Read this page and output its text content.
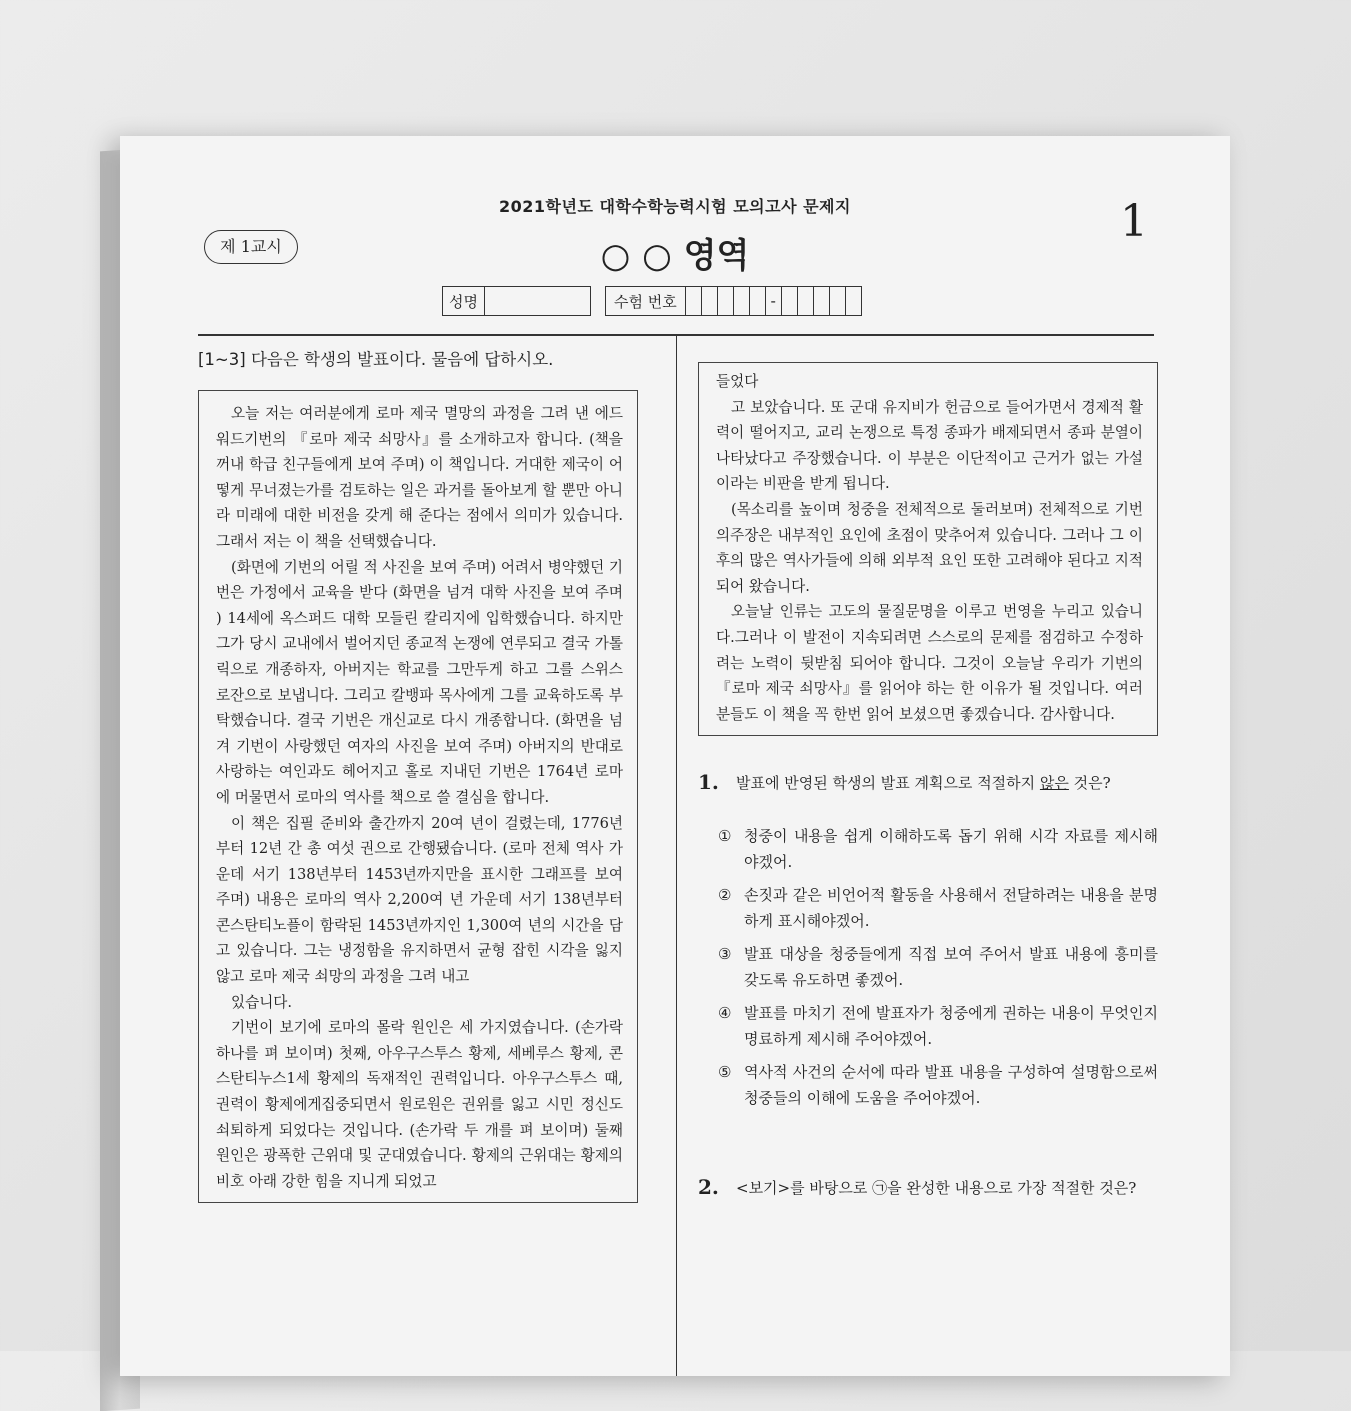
2021학년도 대학수학능력시험 모의고사 문제지	1
제 1교시	○ ○ 영역
성명	수험 번호	-
[1~3] 다음은 학생의 발표이다. 물음에 답하시오.

오늘 저는 여러분에게 로마 제국 멸망의 과정을 그려 낸 에드워드기번의 『로마 제국 쇠망사』를 소개하고자 합니다. (책을 꺼내 학급 친구들에게 보여 주며) 이 책입니다. 거대한 제국이 어떻게 무너졌는가를 검토하는 일은 과거를 돌아보게 할 뿐만 아니라 미래에 대한 비전을 갖게 해 준다는 점에서 의미가 있습니다. 그래서 저는 이 책을 선택했습니다.

(화면에 기번의 어릴 적 사진을 보여 주며) 어려서 병약했던 기번은 가정에서 교육을 받다 (화면을 넘겨 대학 사진을 보여 주며 ) 14세에 옥스퍼드 대학 모들린 칼리지에 입학했습니다. 하지만 그가 당시 교내에서 벌어지던 종교적 논쟁에 연루되고 결국 가톨릭으로 개종하자, 아버지는 학교를 그만두게 하고 그를 스위스 로잔으로 보냅니다. 그리고 칼뱅파 목사에게 그를 교육하도록 부탁했습니다. 결국 기번은 개신교로 다시 개종합니다. (화면을 넘겨 기번이 사랑했던 여자의 사진을 보여 주며) 아버지의 반대로 사랑하는 여인과도 헤어지고 홀로 지내던 기번은 1764년 로마에 머물면서 로마의 역사를 책으로 쓸 결심을 합니다.

이 책은 집필 준비와 출간까지 20여 년이 걸렸는데, 1776년부터 12년 간 총 여섯 권으로 간행됐습니다. (로마 전체 역사 가운데 서기 138년부터 1453년까지만을 표시한 그래프를 보여 주며) 내용은 로마의 역사 2,200여 년 가운데 서기 138년부터 콘스탄티노플이 함락된 1453년까지인 1,300여 년의 시간을 담고 있습니다. 그는 냉정함을 유지하면서 균형 잡힌 시각을 잃지 않고 로마 제국 쇠망의 과정을 그려 내고

있습니다.

기번이 보기에 로마의 몰락 원인은 세 가지였습니다. (손가락 하나를 펴 보이며) 첫째, 아우구스투스 황제, 세베루스 황제, 콘스탄티누스1세 황제의 독재적인 권력입니다. 아우구스투스 때, 권력이 황제에게집중되면서 원로원은 권위를 잃고 시민 정신도 쇠퇴하게 되었다는 것입니다. (손가락 두 개를 펴 보이며) 둘째 원인은 광폭한 근위대 및 군대였습니다. 황제의 근위대는 황제의 비호 아래 강한 힘을 지니게 되었고

들었다

고 보았습니다. 또 군대 유지비가 헌금으로 들어가면서 경제적 활력이 떨어지고, 교리 논쟁으로 특정 종파가 배제되면서 종파 분열이 나타났다고 주장했습니다. 이 부분은 이단적이고 근거가 없는 가설이라는 비판을 받게 됩니다.

(목소리를 높이며 청중을 전체적으로 둘러보며) 전체적으로 기번의주장은 내부적인 요인에 초점이 맞추어져 있습니다. 그러나 그 이후의 많은 역사가들에 의해 외부적 요인 또한 고려해야 된다고 지적되어 왔습니다.

오늘날 인류는 고도의 물질문명을 이루고 번영을 누리고 있습니다.그러나 이 발전이 지속되려면 스스로의 문제를 점검하고 수정하려는 노력이 뒷받침 되어야 합니다. 그것이 오늘날 우리가 기번의 『로마 제국 쇠망사』를 읽어야 하는 한 이유가 될 것입니다. 여러분들도 이 책을 꼭 한번 읽어 보셨으면 좋겠습니다. 감사합니다.

1.	발표에 반영된 학생의 발표 계획으로 적절하지 않은 것은?
① 청중이 내용을 쉽게 이해하도록 돕기 위해 시각 자료를 제시해야겠어.
② 손짓과 같은 비언어적 활동을 사용해서 전달하려는 내용을 분명하게 표시해야겠어.
③ 발표 대상을 청중들에게 직접 보여 주어서 발표 내용에 흥미를갖도록 유도하면 좋겠어.
④ 발표를 마치기 전에 발표자가 청중에게 권하는 내용이 무엇인지명료하게 제시해 주어야겠어.
⑤ 역사적 사건의 순서에 따라 발표 내용을 구성하여 설명함으로써청중들의 이해에 도움을 주어야겠어.
2.	<보기>를 바탕으로 ㉠을 완성한 내용으로 가장 적절한 것은?
